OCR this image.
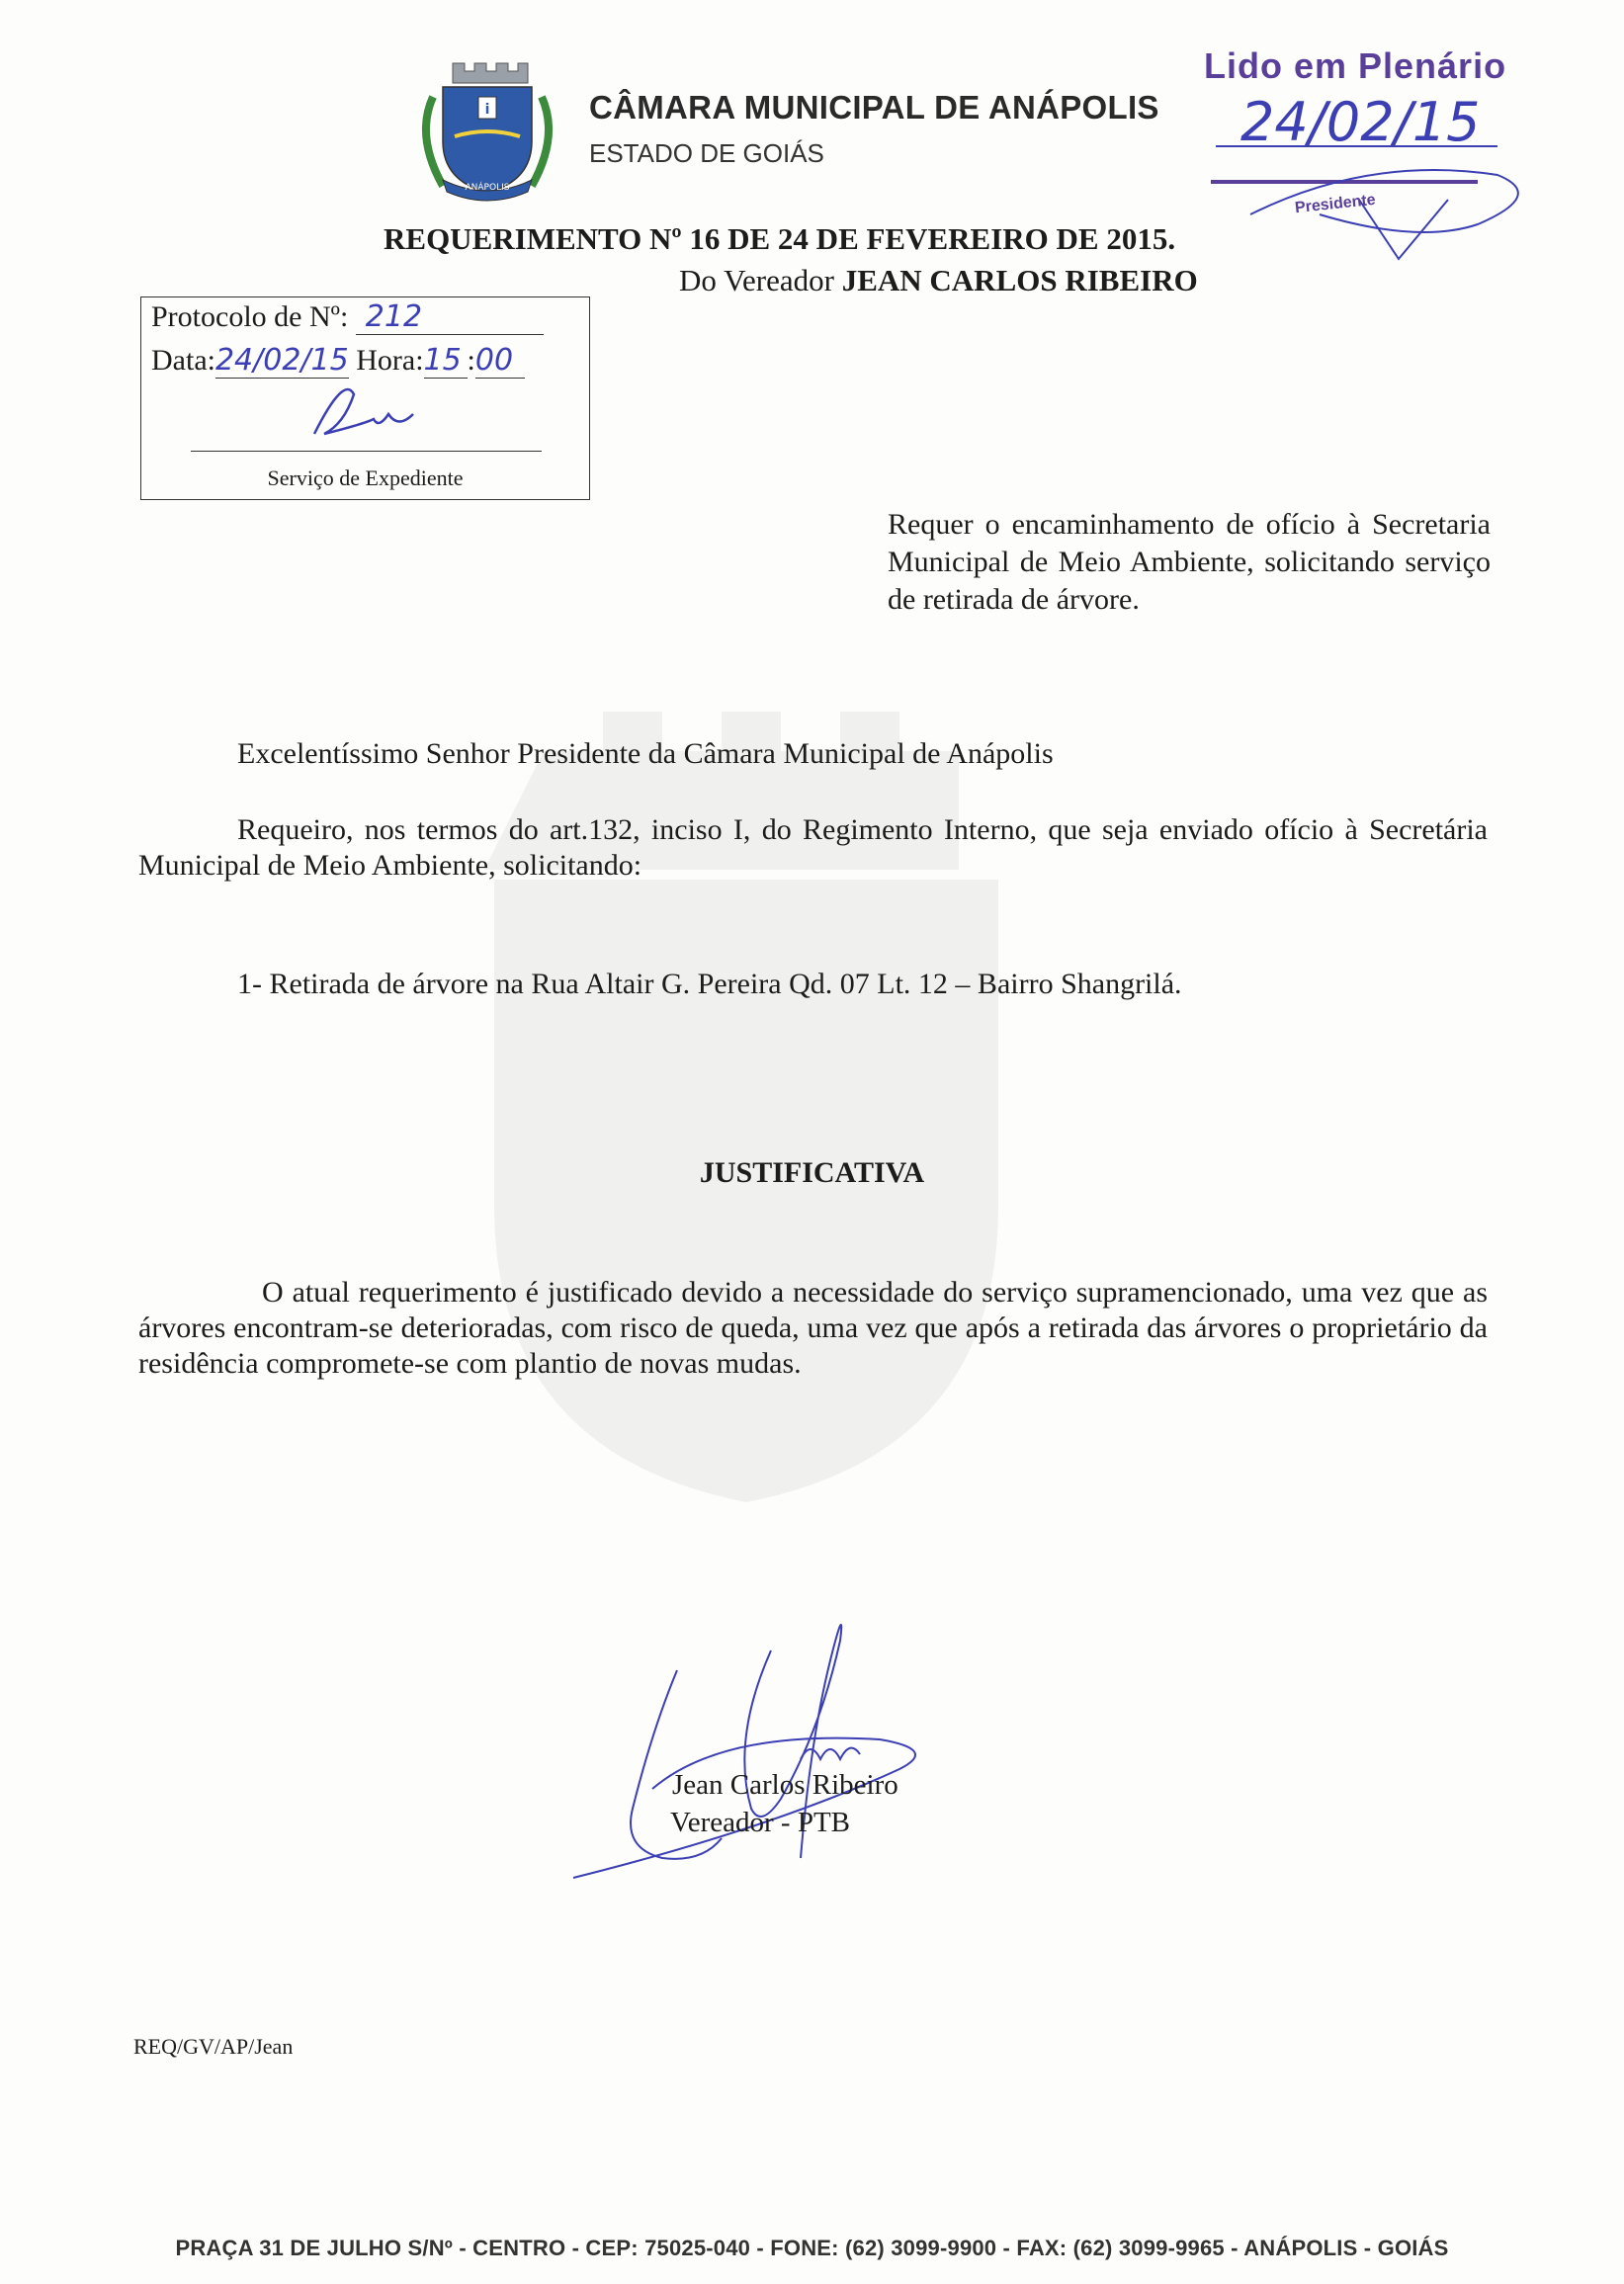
i
ANÁPOLIS
CÂMARA MUNICIPAL DE ANÁPOLIS
ESTADO DE GOIÁS	24/02/15
Lido em Plenário
Presidente
REQUERIMENTO Nº 16 DE 24 DE FEVEREIRO DE 2015.
Do Vereador JEAN CARLOS RIBEIRO
Protocolo de Nº: 212
Data:24/02/15 Hora:15 :00
Serviço de Expediente
Requer o encaminhamento de ofício à Secretaria Municipal de Meio Ambiente, solicitando serviço de retirada de árvore.
Excelentíssimo Senhor Presidente da Câmara Municipal de Anápolis
Requeiro, nos termos do art.132, inciso I, do Regimento Interno, que seja enviado ofício à Secretária Municipal de Meio Ambiente, solicitando:
1- Retirada de árvore na Rua Altair G. Pereira Qd. 07 Lt. 12 – Bairro Shangrilá.
JUSTIFICATIVA
O atual requerimento é justificado devido a necessidade do serviço supramencionado, uma vez que as árvores encontram-se deterioradas, com risco de queda, uma vez que após a retirada das árvores o proprietário da residência compromete-se com plantio de novas mudas.
Jean Carlos Ribeiro
Vereador - PTB
REQ/GV/AP/Jean
PRAÇA 31 DE JULHO S/Nº - CENTRO - CEP: 75025-040 - FONE: (62) 3099-9900 - FAX: (62) 3099-9965 - ANÁPOLIS - GOIÁS
